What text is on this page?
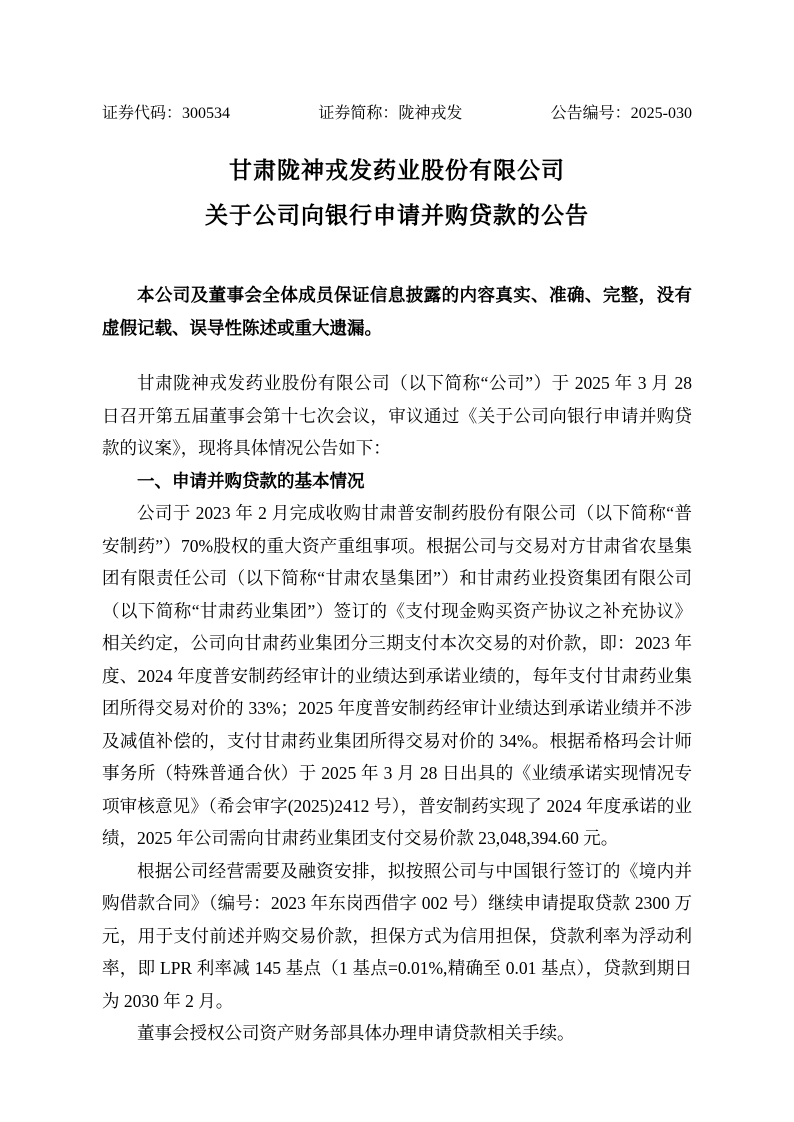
证券代码：300534	证券简称：陇神戎发	公告编号：2025-030
甘肃陇神戎发药业股份有限公司
关于公司向银行申请并购贷款的公告

本公司及董事会全体成员保证信息披露的内容真实、准确、完整，没有虚假记载、误导性陈述或重大遗漏。

甘肃陇神戎发药业股份有限公司（以下简称“公司”）于 2025 年 3 月 28 日召开第五届董事会第十七次会议，审议通过《关于公司向银行申请并购贷款的议案》，现将具体情况公告如下：

一、申请并购贷款的基本情况

公司于 2023 年 2 月完成收购甘肃普安制药股份有限公司（以下简称“普安制药”）70%股权的重大资产重组事项。根据公司与交易对方甘肃省农垦集团有限责任公司（以下简称“甘肃农垦集团”）和甘肃药业投资集团有限公司（以下简称“甘肃药业集团”）签订的《支付现金购买资产协议之补充协议》相关约定，公司向甘肃药业集团分三期支付本次交易的对价款，即：2023 年度、2024 年度普安制药经审计的业绩达到承诺业绩的，每年支付甘肃药业集团所得交易对价的 33%；2025 年度普安制药经审计业绩达到承诺业绩并不涉及减值补偿的，支付甘肃药业集团所得交易对价的 34%。根据希格玛会计师事务所（特殊普通合伙）于 2025 年 3 月 28 日出具的《业绩承诺实现情况专项审核意见》（希会审字(2025)2412 号），普安制药实现了 2024 年度承诺的业绩，2025 年公司需向甘肃药业集团支付交易价款 23,048,394.60 元。

根据公司经营需要及融资安排，拟按照公司与中国银行签订的《境内并购借款合同》（编号：2023 年东岗西借字 002 号）继续申请提取贷款 2300 万元，用于支付前述并购交易价款，担保方式为信用担保，贷款利率为浮动利率，即 LPR 利率减 145 基点（1 基点=0.01%,精确至 0.01 基点），贷款到期日为 2030 年 2 月。

董事会授权公司资产财务部具体办理申请贷款相关手续。
